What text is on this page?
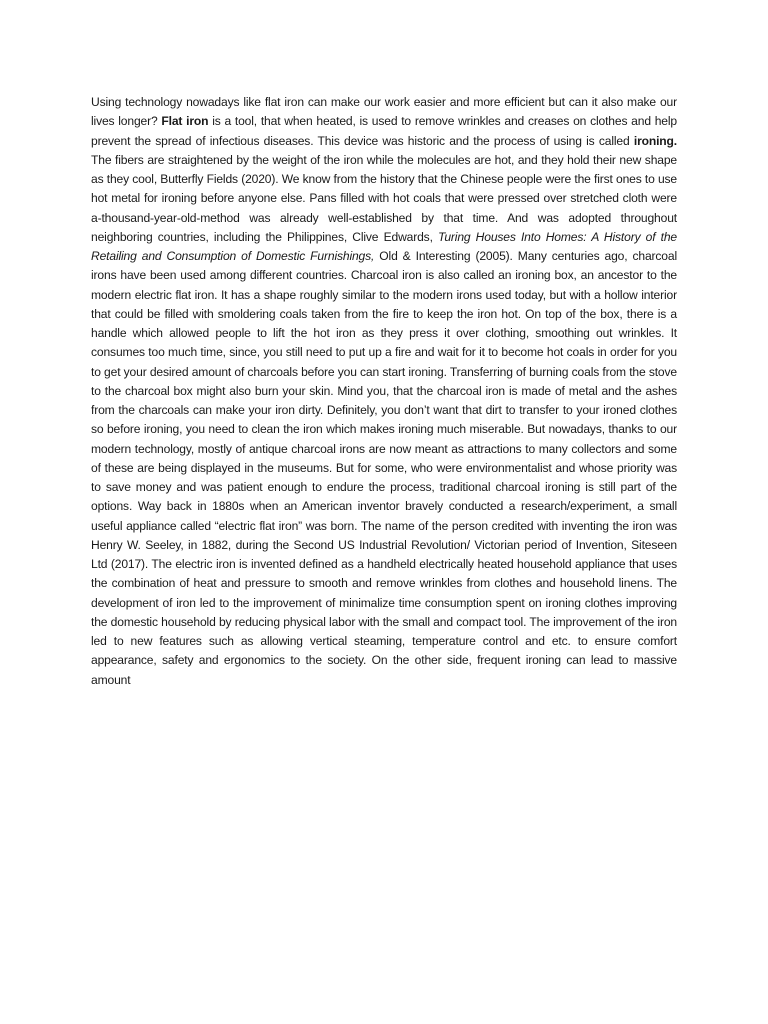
Using technology nowadays like flat iron can make our work easier and more efficient but can it also make our lives longer? Flat iron is a tool, that when heated, is used to remove wrinkles and creases on clothes and help prevent the spread of infectious diseases. This device was historic and the process of using is called ironing. The fibers are straightened by the weight of the iron while the molecules are hot, and they hold their new shape as they cool, Butterfly Fields (2020). We know from the history that the Chinese people were the first ones to use hot metal for ironing before anyone else. Pans filled with hot coals that were pressed over stretched cloth were a-thousand-year-old-method was already well-established by that time. And was adopted throughout neighboring countries, including the Philippines, Clive Edwards, Turing Houses Into Homes: A History of the Retailing and Consumption of Domestic Furnishings, Old & Interesting (2005). Many centuries ago, charcoal irons have been used among different countries. Charcoal iron is also called an ironing box, an ancestor to the modern electric flat iron. It has a shape roughly similar to the modern irons used today, but with a hollow interior that could be filled with smoldering coals taken from the fire to keep the iron hot. On top of the box, there is a handle which allowed people to lift the hot iron as they press it over clothing, smoothing out wrinkles. It consumes too much time, since, you still need to put up a fire and wait for it to become hot coals in order for you to get your desired amount of charcoals before you can start ironing. Transferring of burning coals from the stove to the charcoal box might also burn your skin. Mind you, that the charcoal iron is made of metal and the ashes from the charcoals can make your iron dirty. Definitely, you don’t want that dirt to transfer to your ironed clothes so before ironing, you need to clean the iron which makes ironing much miserable. But nowadays, thanks to our modern technology, mostly of antique charcoal irons are now meant as attractions to many collectors and some of these are being displayed in the museums. But for some, who were environmentalist and whose priority was to save money and was patient enough to endure the process, traditional charcoal ironing is still part of the options. Way back in 1880s when an American inventor bravely conducted a research/experiment, a small useful appliance called “electric flat iron” was born. The name of the person credited with inventing the iron was Henry W. Seeley, in 1882, during the Second US Industrial Revolution/ Victorian period of Invention, Siteseen Ltd (2017). The electric iron is invented defined as a handheld electrically heated household appliance that uses the combination of heat and pressure to smooth and remove wrinkles from clothes and household linens. The development of iron led to the improvement of minimalize time consumption spent on ironing clothes improving the domestic household by reducing physical labor with the small and compact tool. The improvement of the iron led to new features such as allowing vertical steaming, temperature control and etc. to ensure comfort appearance, safety and ergonomics to the society. On the other side, frequent ironing can lead to massive amount
